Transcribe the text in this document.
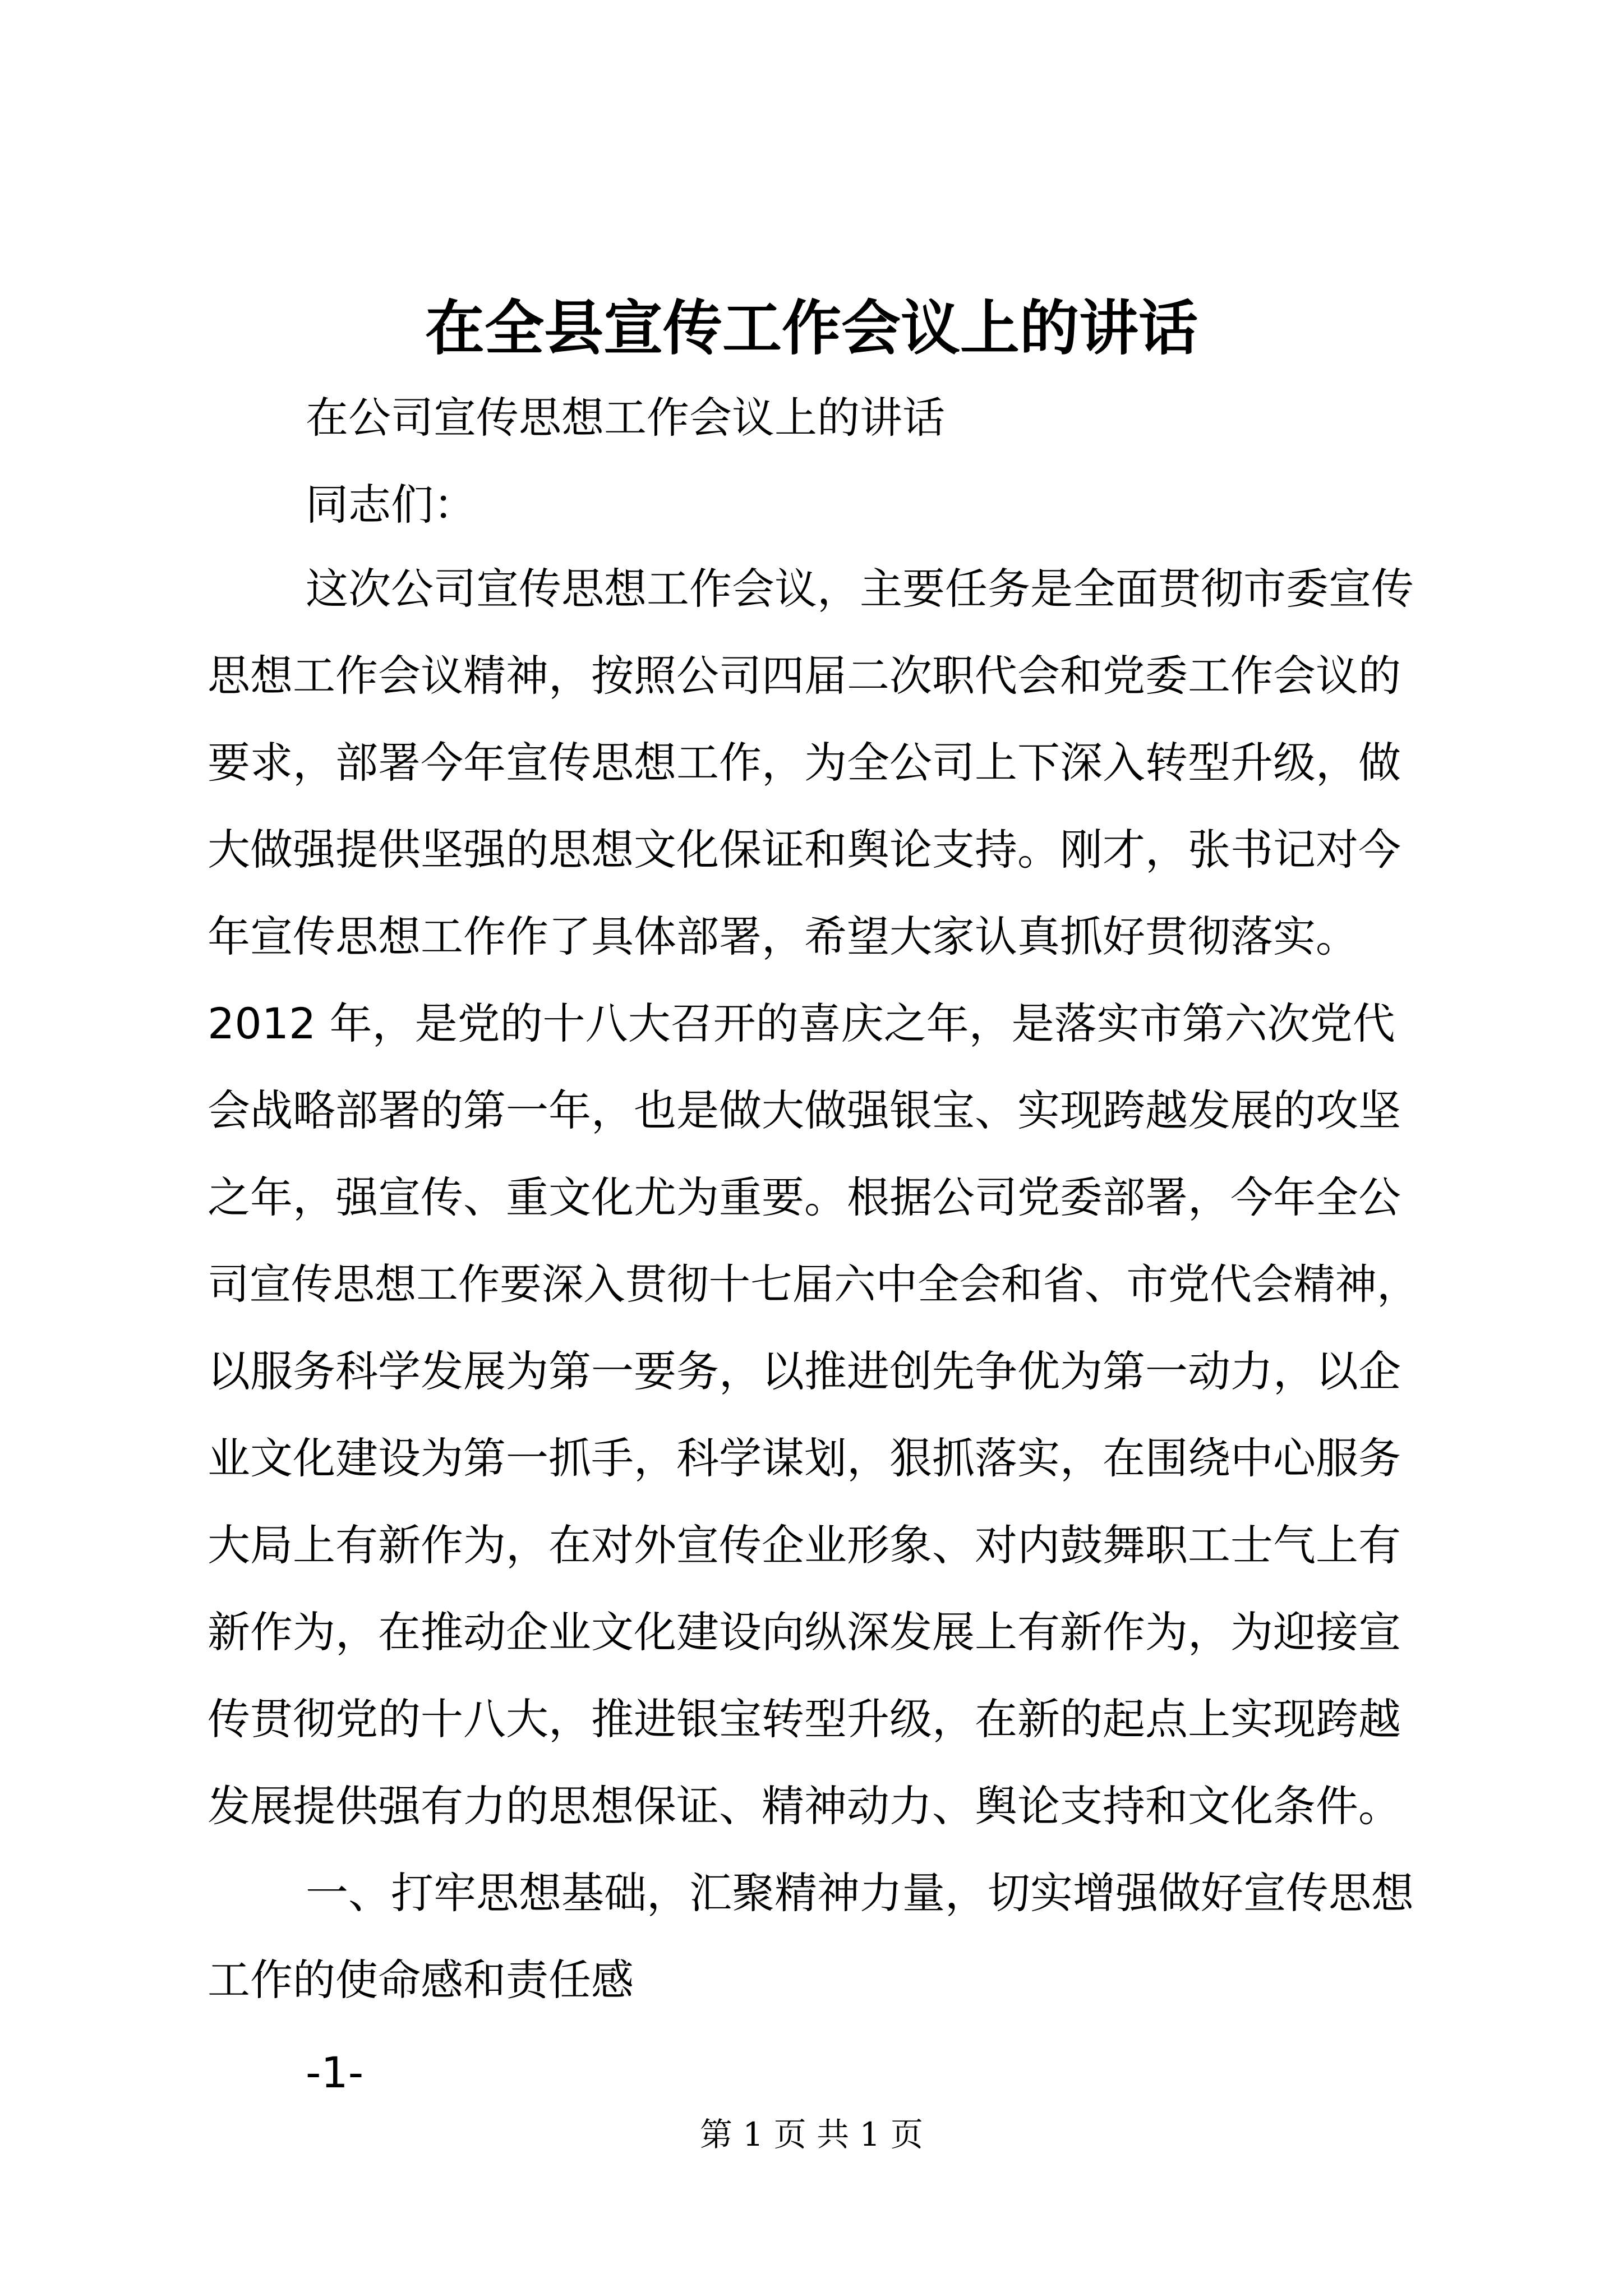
在全县宣传工作会议上的讲话
在公司宣传思想工作会议上的讲话
同志们：
这次公司宣传思想工作会议，主要任务是全面贯彻市委宣传
思想工作会议精神，按照公司四届二次职代会和党委工作会议的
要求，部署今年宣传思想工作，为全公司上下深入转型升级，做
大做强提供坚强的思想文化保证和舆论支持。刚才，张书记对今
年宣传思想工作作了具体部署，希望大家认真抓好贯彻落实。
2012 年，是党的十八大召开的喜庆之年，是落实市第六次党代
会战略部署的第一年，也是做大做强银宝、实现跨越发展的攻坚
之年，强宣传、重文化尤为重要。根据公司党委部署，今年全公
司宣传思想工作要深入贯彻十七届六中全会和省、市党代会精神，
以服务科学发展为第一要务，以推进创先争优为第一动力，以企
业文化建设为第一抓手，科学谋划，狠抓落实，在围绕中心服务
大局上有新作为，在对外宣传企业形象、对内鼓舞职工士气上有
新作为，在推动企业文化建设向纵深发展上有新作为，为迎接宣
传贯彻党的十八大，推进银宝转型升级，在新的起点上实现跨越
发展提供强有力的思想保证、精神动力、舆论支持和文化条件。
一、打牢思想基础，汇聚精神力量，切实增强做好宣传思想
工作的使命感和责任感
-1-
第 1 页 共 1 页
